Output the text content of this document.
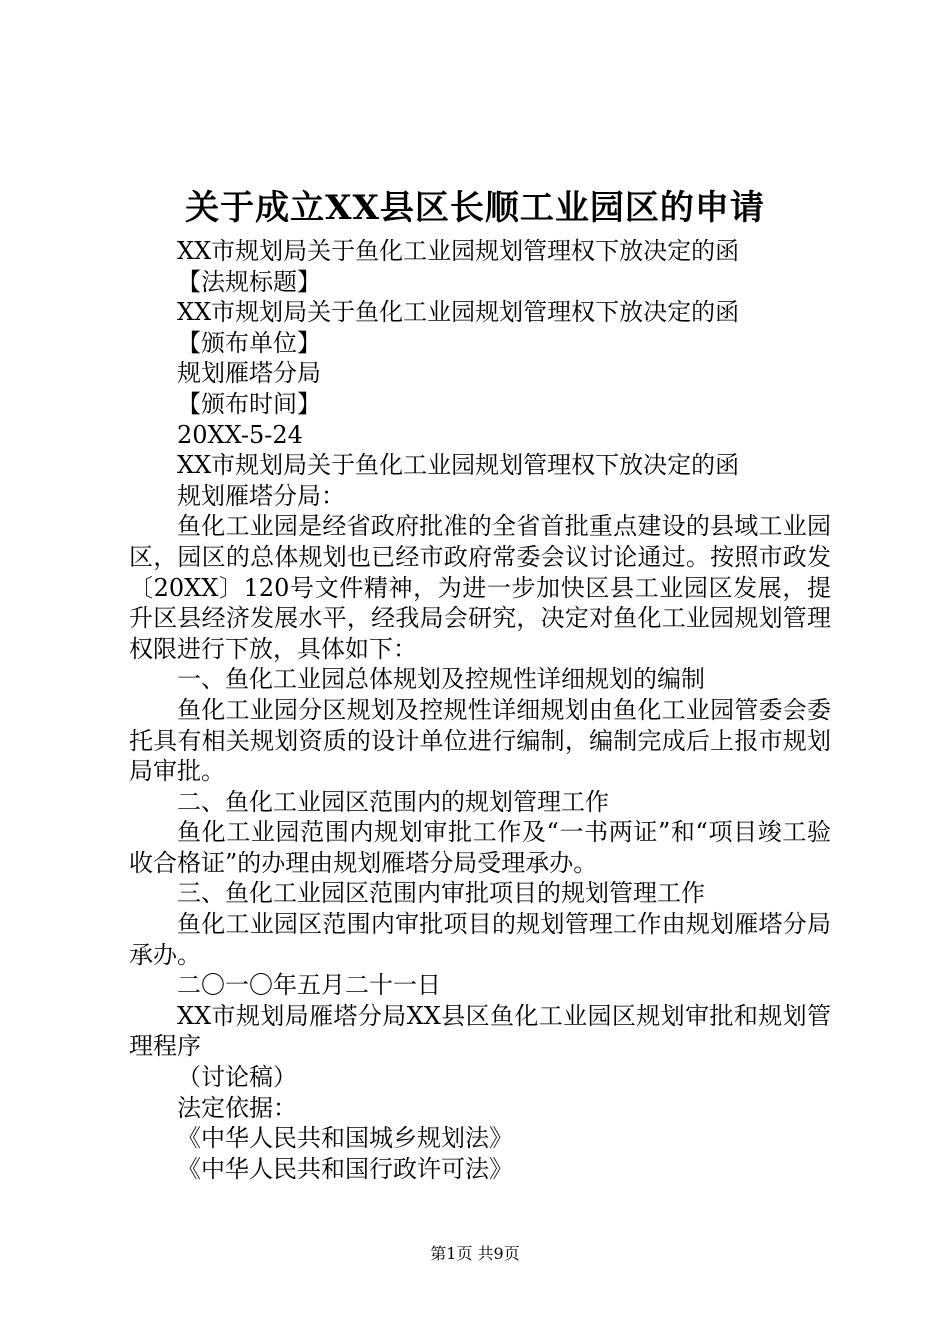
关于成立XX县区长顺工业园区的申请

XX市规划局关于鱼化工业园规划管理权下放决定的函

【法规标题】

XX市规划局关于鱼化工业园规划管理权下放决定的函

【颁布单位】

规划雁塔分局

【颁布时间】

20XX-5-24

XX市规划局关于鱼化工业园规划管理权下放决定的函

规划雁塔分局：

鱼化工业园是经省政府批准的全省首批重点建设的县域工业园区，园区的总体规划也已经市政府常委会议讨论通过。按照市政发〔20XX〕120号文件精神，为进一步加快区县工业园区发展，提升区县经济发展水平，经我局会研究，决定对鱼化工业园规划管理权限进行下放，具体如下：

一、鱼化工业园总体规划及控规性详细规划的编制

鱼化工业园分区规划及控规性详细规划由鱼化工业园管委会委托具有相关规划资质的设计单位进行编制，编制完成后上报市规划局审批。

二、鱼化工业园区范围内的规划管理工作

鱼化工业园范围内规划审批工作及“一书两证”和“项目竣工验收合格证”的办理由规划雁塔分局受理承办。

三、鱼化工业园区范围内审批项目的规划管理工作

鱼化工业园区范围内审批项目的规划管理工作由规划雁塔分局承办。

二〇一〇年五月二十一日

XX市规划局雁塔分局XX县区鱼化工业园区规划审批和规划管理程序

（讨论稿）

法定依据：

《中华人民共和国城乡规划法》

《中华人民共和国行政许可法》

第1页 共9页
